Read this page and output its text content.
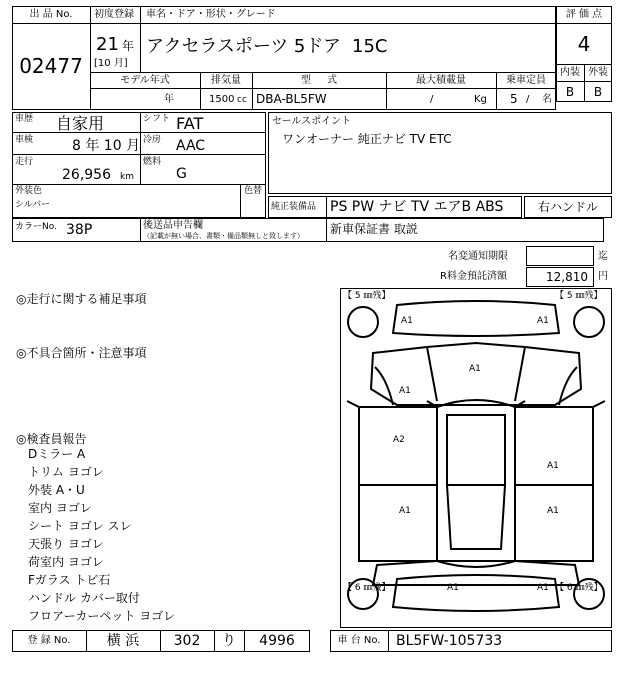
出 品 No.
02477
初度登録
21 年
[10 月]
車名・ドア・形状・グレード
アクセラスポーツ 5ドア 15C
モデル年式
年
排気量
1500 cc
型     式
DBA-BL5FW
最大積載量
/	Kg
乗車定員
5 / 名
評 価 点
4
内装 外装
B	B
車歴 自家用	シフト FAT
車検	8 年 10 月 冷房 AAC
走行
26,956 km
燃料
G
外装色
シルバー
色替
セールスポイント
ワンオーナー 純正ナビ TV ETC
純正装備品 PS PW ナビ TV エアB ABS	右ハンドル
カラーNo. 38P	後送品申告欄
（記載が無い場合、書類・備品類無しと致します） 新車保証書 取説
名変通知期限	迄
R料金預託済額	12,810 円
◎走行に関する補足事項
◎不具合箇所・注意事項
◎検査員報告
Dミラー A
トリム ヨゴレ
外装 A・U
室内 ヨゴレ
シート ヨゴレ スレ
天張り ヨゴレ
荷室内 ヨゴレ
Fガラス トビ石
ハンドル カバー取付
フロアーカーペット ヨゴレ
【 5 ㎜残】	【 5 ㎜残】
【 6 ㎜残】	【 6 ㎜残】
A1	A1
A1
A1
A2
A1
A1	A1
A1	A1
登 録 No.	横 浜	302	り	4996	車 台 No.	BL5FW-105733
